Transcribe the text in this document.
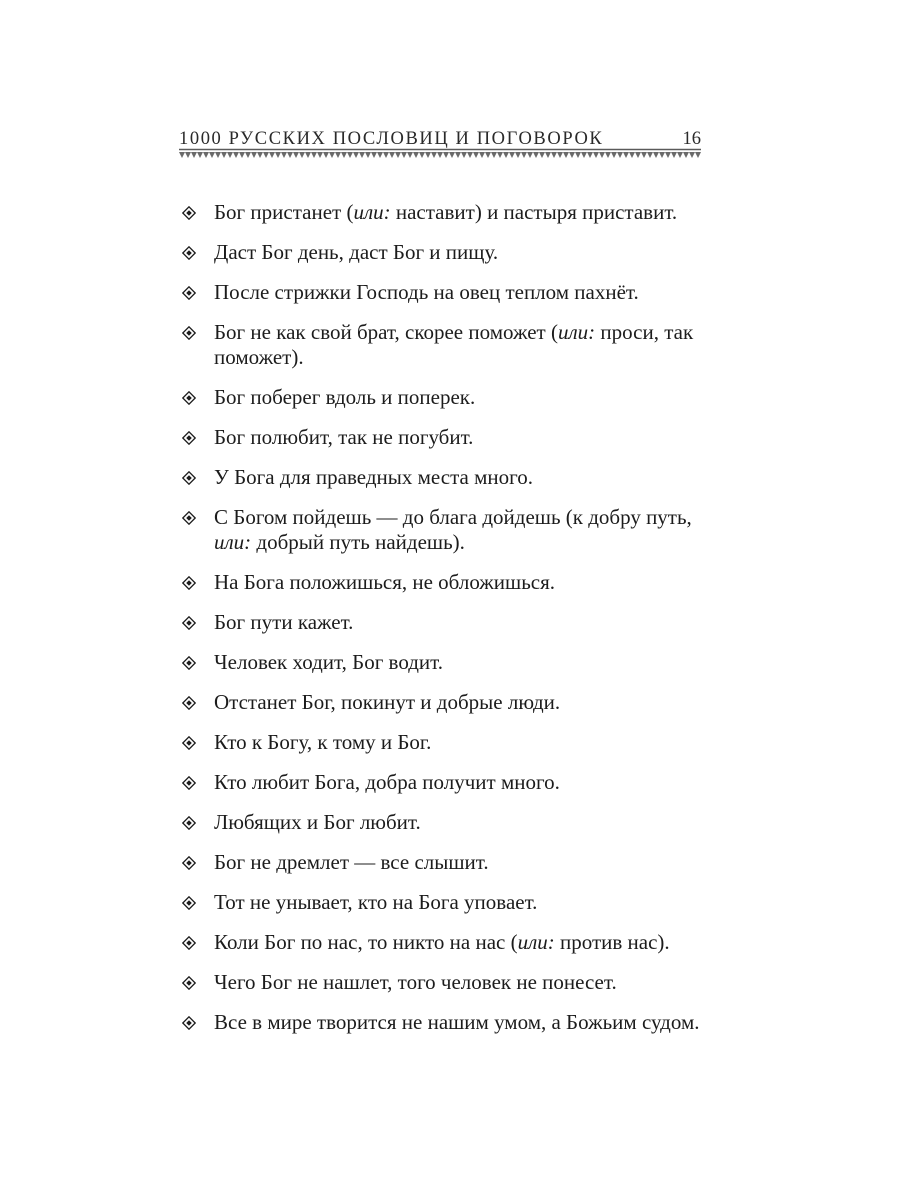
1000 РУССКИХ ПОСЛОВИЦ И ПОГОВОРОК	16
Бог пристанет (или: наставит) и пастыря приставит.
Даст Бог день, даст Бог и пищу.
После стрижки Господь на овец теплом пахнёт.
Бог не как свой брат, скорее поможет (или: проси, так поможет).
Бог поберег вдоль и поперек.
Бог полюбит, так не погубит.
У Бога для праведных места много.
С Богом пойдешь — до блага дойдешь (к добру путь, или: добрый путь найдешь).
На Бога положишься, не обложишься.
Бог пути кажет.
Человек ходит, Бог водит.
Отстанет Бог, покинут и добрые люди.
Кто к Богу, к тому и Бог.
Кто любит Бога, добра получит много.
Любящих и Бог любит.
Бог не дремлет — все слышит.
Тот не унывает, кто на Бога уповает.
Коли Бог по нас, то никто на нас (или: против нас).
Чего Бог не нашлет, того человек не понесет.
Все в мире творится не нашим умом, а Божьим судом.
